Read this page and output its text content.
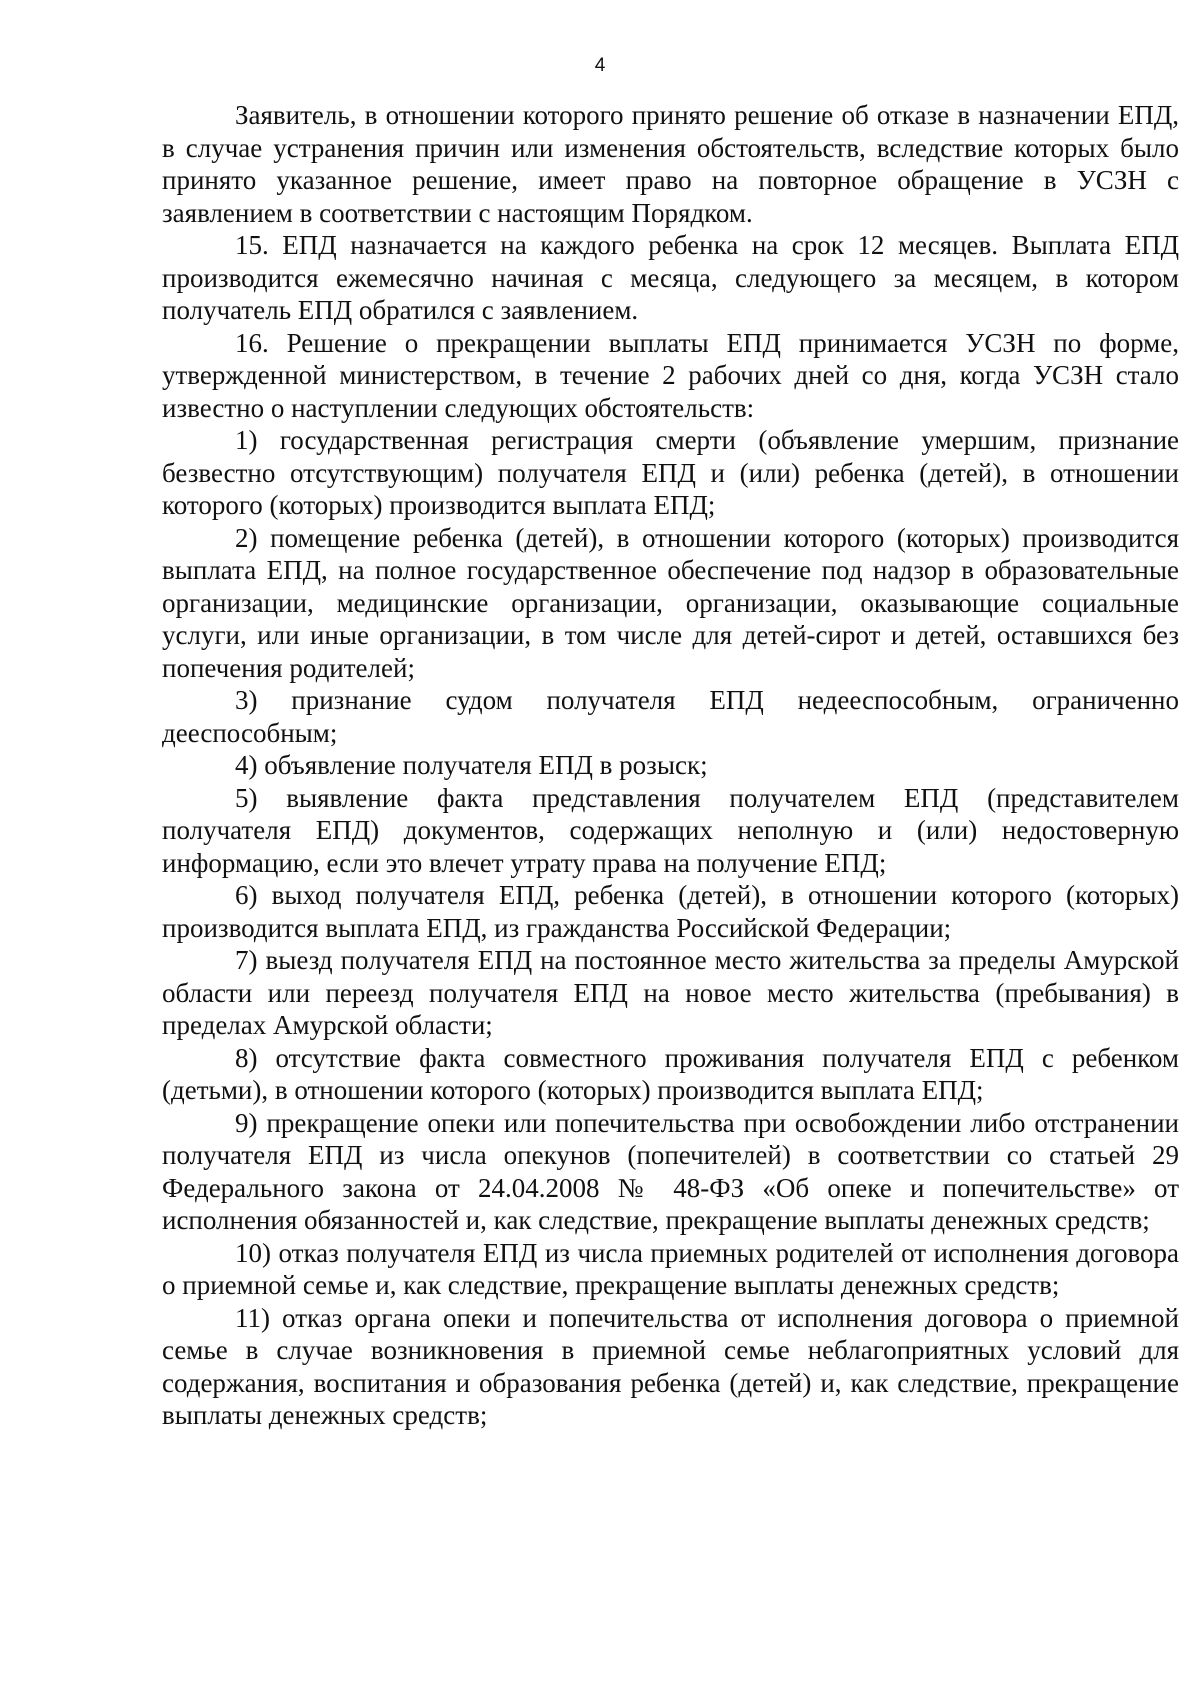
4

Заявитель, в отношении которого принято решение об отказе в назначении ЕПД, в случае устранения причин или изменения обстоятельств, вследствие которых было принято указанное решение, имеет право на повторное обращение в УСЗН с заявлением в соответствии с настоящим Порядком.

15. ЕПД назначается на каждого ребенка на срок 12 месяцев. Выплата ЕПД производится ежемесячно начиная с месяца, следующего за месяцем, в котором получатель ЕПД обратился с заявлением.

16. Решение о прекращении выплаты ЕПД принимается УСЗН по форме, утвержденной министерством, в течение 2 рабочих дней со дня, когда УСЗН стало известно о наступлении следующих обстоятельств:

1) государственная регистрация смерти (объявление умершим, признание безвестно отсутствующим) получателя ЕПД и (или) ребенка (детей), в отношении которого (которых) производится выплата ЕПД;

2) помещение ребенка (детей), в отношении которого (которых) производится выплата ЕПД, на полное государственное обеспечение под надзор в образовательные организации, медицинские организации, организации, оказывающие социальные услуги, или иные организации, в том числе для детей-сирот и детей, оставшихся без попечения родителей;

3) признание судом получателя ЕПД недееспособным, ограниченно дееспособным;

4) объявление получателя ЕПД в розыск;

5) выявление факта представления получателем ЕПД (представителем получателя ЕПД) документов, содержащих неполную и (или) недостоверную информацию, если это влечет утрату права на получение ЕПД;

6) выход получателя ЕПД, ребенка (детей), в отношении которого (которых) производится выплата ЕПД, из гражданства Российской Федерации;

7) выезд получателя ЕПД на постоянное место жительства за пределы Амурской области или переезд получателя ЕПД на новое место жительства (пребывания) в пределах Амурской области;

8) отсутствие факта совместного проживания получателя ЕПД с ребенком (детьми), в отношении которого (которых) производится выплата ЕПД;

9) прекращение опеки или попечительства при освобождении либо отстранении получателя ЕПД из числа опекунов (попечителей) в соответствии со статьей 29 Федерального закона от 24.04.2008 № 48-ФЗ «Об опеке и попечительстве» от исполнения обязанностей и, как следствие, прекращение выплаты денежных средств;

10) отказ получателя ЕПД из числа приемных родителей от исполнения договора о приемной семье и, как следствие, прекращение выплаты денежных средств;

11) отказ органа опеки и попечительства от исполнения договора о приемной семье в случае возникновения в приемной семье неблагоприятных условий для содержания, воспитания и образования ребенка (детей) и, как следствие, прекращение выплаты денежных средств;
